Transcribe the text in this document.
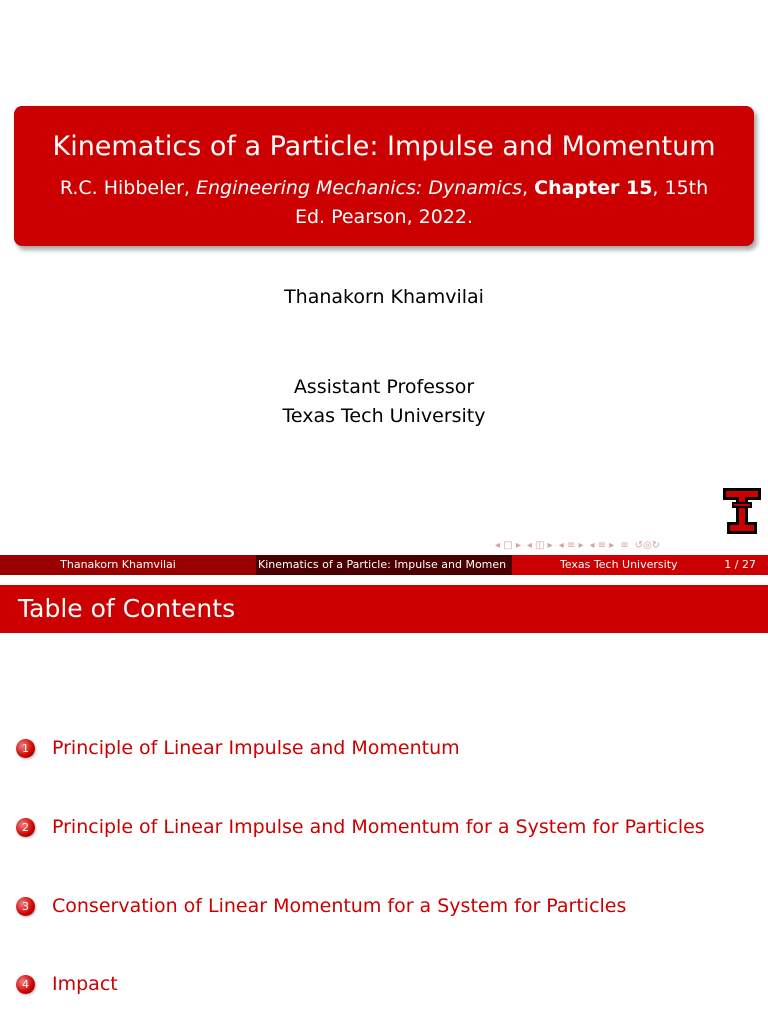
Kinematics of a Particle: Impulse and Momentum
R.C. Hibbeler, Engineering Mechanics: Dynamics, Chapter 15, 15th
Ed. Pearson, 2022.
Thanakorn Khamvilai
Assistant Professor
Texas Tech University
◂ □ ▸ ◂ ◫ ▸ ◂ ≡ ▸ ◂ ≡ ▸ ≡ ↺◎↻
Thanakorn Khamvilai	Kinematics of a Particle: Impulse and Momen	Texas Tech University	1 / 27
Table of Contents
1	Principle of Linear Impulse and Momentum
2	Principle of Linear Impulse and Momentum for a System for Particles
3	Conservation of Linear Momentum for a System for Particles
4	Impact
